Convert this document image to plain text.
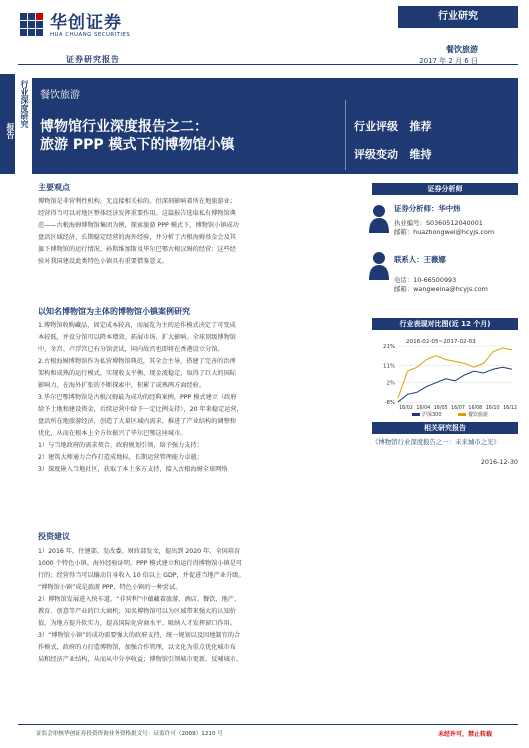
华创证券
HUA CHUANG SECURITIES
证券研究报告
行业研究
餐饮旅游
2017 年 2 月 6 日
报告
行业深度研究 餐饮旅游
博物馆行业深度报告之二：
旅游 PPP 模式下的博物馆小镇
行业评级 推荐
评级变动 维持
主要观点
博物馆是非营利性机构，无直接相关标的。但深刻影响着所在地旅游业；
经营得当可以对地区整体经济发挥重要作用。这篇报告选取私有博物馆典
范——古根海姆博物馆集团为例，探索旅游 PPP 模式下，博物馆小镇成功
盘活区域经济，长期稳定经营的海外经验，并分析了古根海姆基金会及其
旗下博物馆的运行情况、孙斯维加斯及毕尔巴鄂古根汉姆的经营；这些经
验对我国建设此类特色小镇具有重要借鉴意义。
以知名博物馆为主体的博物馆小镇案例研究
1.博物馆收购藏品，固定成本较高，而展览为主的运作模式决定了可变成
本较低，并设分馆可以降本增效、拓展市场、扩大影响。全球顶级博物馆
中，冬宫、卢浮宫已有分馆尝试，国内故宫也即将在香港设立分馆。
2.古根海姆博物馆作为私营博物馆典范，其全会主导，搭建了完善的治理
架构和成熟的运行模式，实现收支平衡，现金流稳定，取得了巨大的国际
影响力，在海外扩张的不断探索中，积累了成熟两方面经验。
3.毕尔巴鄂博物馆是古根汉姆最为成功的经典案例，PPP 模式建立（政府
给予土地和建设资金，后续运营中给予一定比例支持），20 年来稳定运营，
盘活所在地旅游经济，创造了大量区域内需求，推进了产业结构的调整和
优化，从而在根本上全方位振兴了毕尔巴鄂这座城市。
1）与当地政府的需求契合，政府规划引领，给予强力支持；
2）建筑大师通力合作打造成地标，长期运营管理能力卓越；
3）深度嵌入当地社区，获取了本土多方支持，接入古根海姆全球网络
投资建议
1）2016 年，住建部、发改委、财政部发文，提出到 2020 年，全国培育
1000 个特色小镇。海外经验证明，PPP 模式建立和运行得博物馆小镇是可
行的；经营得当可以撬动自身收入 10 倍以上 GDP，并促进当地产业升级。
“博物馆小镇”成是旅游 PPP、特色小镇的一种尝试。
2）博物馆发展进入快车道，“非营利”中蕴藏着旅游、酒店、餐饮、地产、
教育、创意等产业的巨大商机；知名博物馆可以为区域带来强大的认知价
值，为地方提升软实力，提高国际化营商水平、吸纳人才发挥窗口作用。
3）“博物馆小镇”的成功需要强大的政府支持，统一规划以及因地制宜的合
作模式，政府的力打造博物馆，加强合作管理，以文化为重点优化城市布
局和经济产业结构，从而从中分享收益；博物馆引领城市更新，反哺城市。
证券分析师
证券分析师：华中炜
执业编号：S0360512040001
邮箱：huazhongwei@hcyjs.com
联系人：王薇娜
电话：10-66500993
邮箱：wangweina@hcyjs.com
行业表现对比图(近 12 个月)
2016-02-05~2017-02-03
21%
11%
2%
-8%
16/02 16/04 16/05 16/07 16/08 16/10 16/12
沪深300	餐饮旅游
相关研究报告
《博物馆行业深度报告之一：未来城市之光》
2016-12-30
证监会审核华创证券投资咨询业务资格批文号：证监许可（2009）1210 号	未经许可，禁止转载
